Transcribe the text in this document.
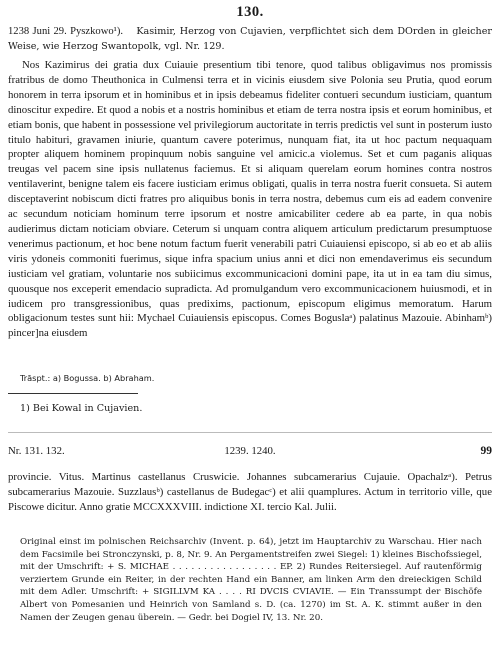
130.
1238 Juni 29. Pyszkowo¹). Kasimir, Herzog von Cujavien, verpflichtet sich dem DOrden in gleicher Weise, wie Herzog Swantopolk, vgl. Nr. 129.

Nos Kazimirus dei gratia dux Cuiauie presentium tibi tenore, quod talibus obligavimus nos promissis fratribus de domo Theuthonica in Culmensi terra et in vicinis eiusdem sive Polonia seu Prutia, quod eorum honorem in terra ipsorum et in hominibus et in ipsis debeamus fideliter contueri secundum iusticiam, quantum dinoscitur expedire. Et quod a nobis et a nostris hominibus et etiam de terra nostra ipsis et eorum hominibus, et etiam bonis, que habent in possessione vel privilegiorum auctoritate in terris predictis vel sunt in posterum iusto titulo habituri, gravamen iniurie, quantum cavere poterimus, nunquam fiat, ita ut hoc pactum nequaquam propter aliquem hominem propinquum nobis sanguine vel amicic.a violemus. Set et cum paganis aliquas treugas vel pacem sine ipsis nullatenus faciemus. Et si aliquam querelam eorum homines contra nostros ventilaverint, benigne talem eis facere iusticiam erimus obligati, qualis in terra nostra fuerit consueta. Si autem disceptaverint nobiscum dicti fratres pro aliquibus bonis in terra nostra, debemus cum eis ad eadem convenire ac secundum noticiam hominum terre ipsorum et nostre amicabiliter cedere ab ea parte, in qua nobis audierimus dictam noticiam obviare. Ceterum si unquam contra aliquem articulum predictarum presumptuose venerimus pactionum, et hoc bene notum factum fuerit venerabili patri Cuiauiensi episcopo, si ab eo et ab aliis viris ydoneis commoniti fuerimus, sique infra spacium unius anni et dici non emendaverimus eis secundum iusticiam vel gratiam, voluntarie nos subiicimus excommunicacioni domini pape, ita ut in ea tam diu simus, quousque nos exceperit emendacio supradicta. Ad promulgandum vero excommunicacionem huiusmodi, et in iudicem pro transgressionibus, quas predixims, pactionum, episcopum eligimus memoratum. Harum obligacionum testes sunt hii: Mychael Cuiauiensis episcopus. Comes Boguslaᵃ) palatinus Mazouie. Abinhamᵇ) pincer]na eiusdem

Trāspt.: a) Bogussa. b) Abraham.
1) Bei Kowal in Cujavien.
Nr. 131. 132.	1239. 1240.	99

provincie. Vitus. Martinus castellanus Cruswicie. Johannes subcamerarius Cujauie. Opachalzᵃ). Petrus subcamerarius Mazouie. Suzzlausᵇ) castellanus de Budegacᶜ) et alii quamplures. Actum in territorio ville, que Piscowe dicitur. Anno gratie MCCXXXVIII. indictione XI. tercio Kal. Julii.

Original einst im polnischen Reichsarchiv (Invent. p. 64), jetzt im Hauptarchiv zu Warschau. Hier nach dem Facsimile bei Stronczynski, p. 8, Nr. 9. An Pergamentstreifen zwei Siegel: 1) kleines Bischofssiegel, mit der Umschrift: + S. MICHAE . . . . . . . . . . . . . . . . . EP. 2) Rundes Reitersiegel. Auf rautenförmig verziertem Grunde ein Reiter, in der rechten Hand ein Banner, am linken Arm den dreieckigen Schild mit dem Adler. Umschrift: + SIGILLVM KA . . . . RI DVCIS CVIAVIE. — Ein Transsumpt der Bischöfe Albert von Pomesanien und Heinrich von Samland s. D. (ca. 1270) im St. A. K. stimmt außer in den Namen der Zeugen genau überein. — Gedr. bei Dogiel IV, 13. Nr. 20.
